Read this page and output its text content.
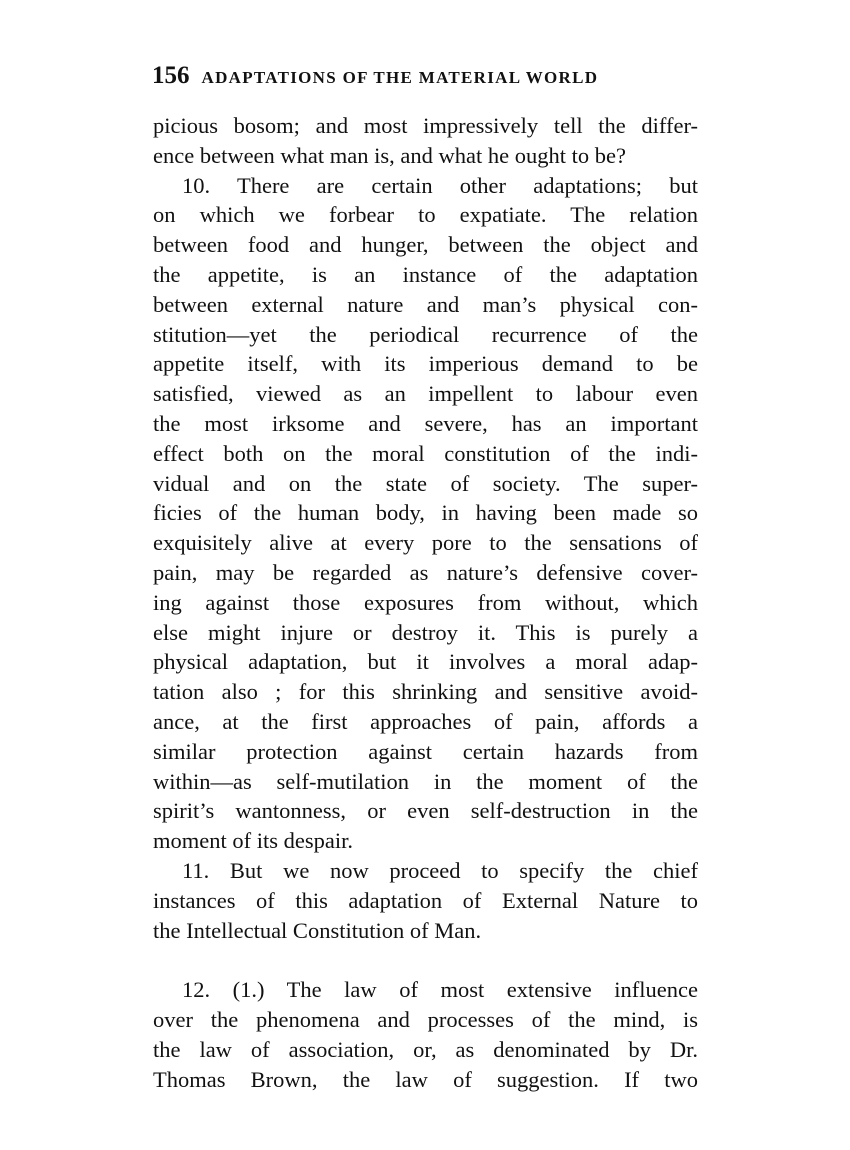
156 ADAPTATIONS OF THE MATERIAL WORLD
picious bosom; and most impressively tell the differ-
ence between what man is, and what he ought to be?
10. There are certain other adaptations; but
on which we forbear to expatiate. The relation
between food and hunger, between the object and
the appetite, is an instance of the adaptation
between external nature and man’s physical con-
stitution—yet the periodical recurrence of the
appetite itself, with its imperious demand to be
satisfied, viewed as an impellent to labour even
the most irksome and severe, has an important
effect both on the moral constitution of the indi-
vidual and on the state of society. The super-
ficies of the human body, in having been made so
exquisitely alive at every pore to the sensations of
pain, may be regarded as nature’s defensive cover-
ing against those exposures from without, which
else might injure or destroy it. This is purely a
physical adaptation, but it involves a moral adap-
tation also ; for this shrinking and sensitive avoid-
ance, at the first approaches of pain, affords a
similar protection against certain hazards from
within—as self-mutilation in the moment of the
spirit’s wantonness, or even self-destruction in the
moment of its despair.
11. But we now proceed to specify the chief
instances of this adaptation of External Nature to
the Intellectual Constitution of Man.
12. (1.) The law of most extensive influence
over the phenomena and processes of the mind, is
the law of association, or, as denominated by Dr.
Thomas Brown, the law of suggestion. If two
